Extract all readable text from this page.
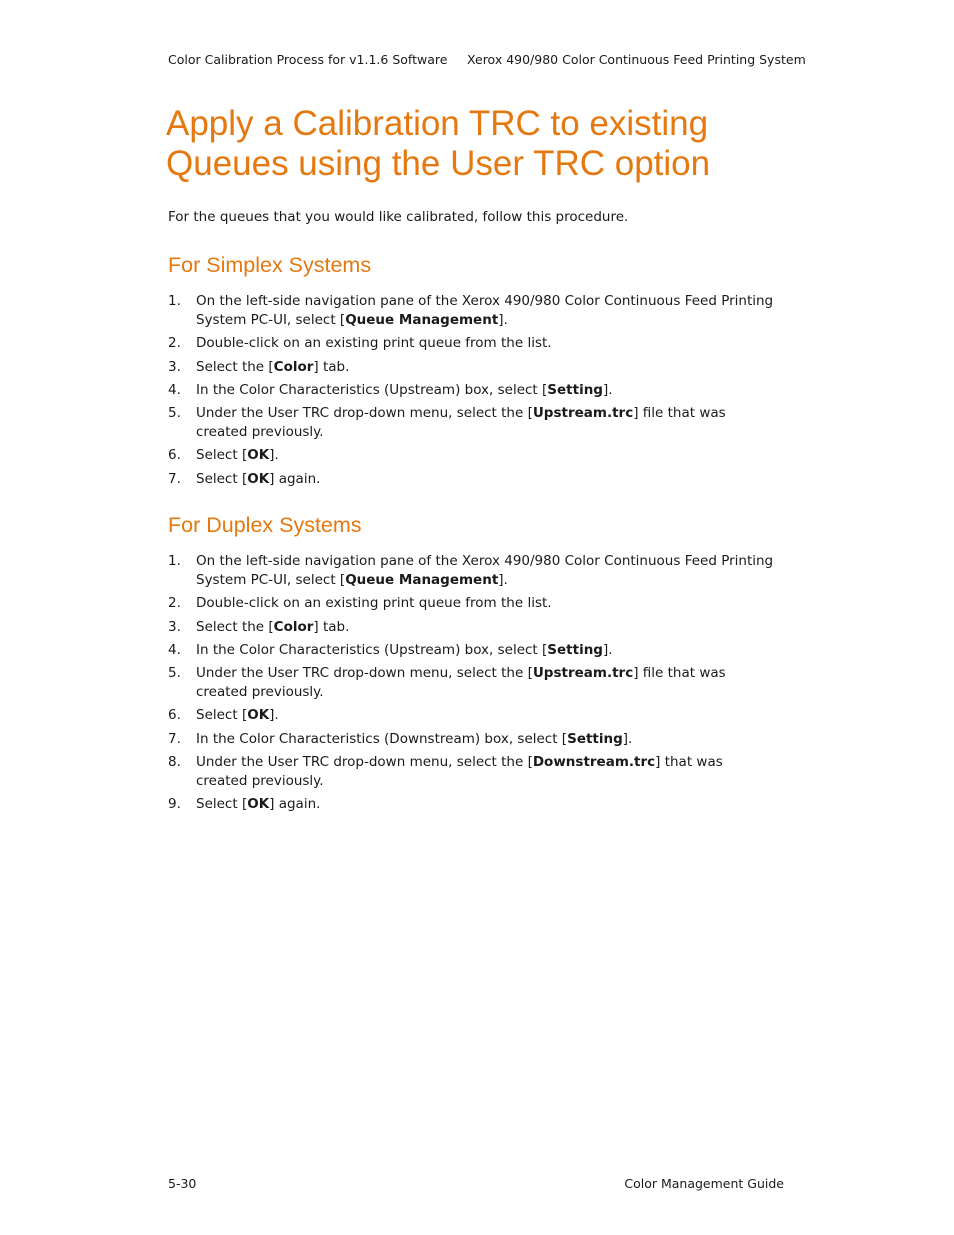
Color Calibration Process for v1.1.6 Software Xerox 490/980 Color Continuous Feed Printing System
Apply a Calibration TRC to existing
Queues using the User TRC option

For the queues that you would like calibrated, follow this procedure.

For Simplex Systems
1. On the left-side navigation pane of the Xerox 490/980 Color Continuous Feed Printing System PC-UI, select [Queue Management].
2. Double-click on an existing print queue from the list.
3. Select the [Color] tab.
4. In the Color Characteristics (Upstream) box, select [Setting].
5. Under the User TRC drop-down menu, select the [Upstream.trc] file that was created previously.
6. Select [OK].
7. Select [OK] again.
For Duplex Systems
1. On the left-side navigation pane of the Xerox 490/980 Color Continuous Feed Printing System PC-UI, select [Queue Management].
2. Double-click on an existing print queue from the list.
3. Select the [Color] tab.
4. In the Color Characteristics (Upstream) box, select [Setting].
5. Under the User TRC drop-down menu, select the [Upstream.trc] file that was created previously.
6. Select [OK].
7. In the Color Characteristics (Downstream) box, select [Setting].
8. Under the User TRC drop-down menu, select the [Downstream.trc] that was created previously.
9. Select [OK] again.
5-30	Color Management Guide
